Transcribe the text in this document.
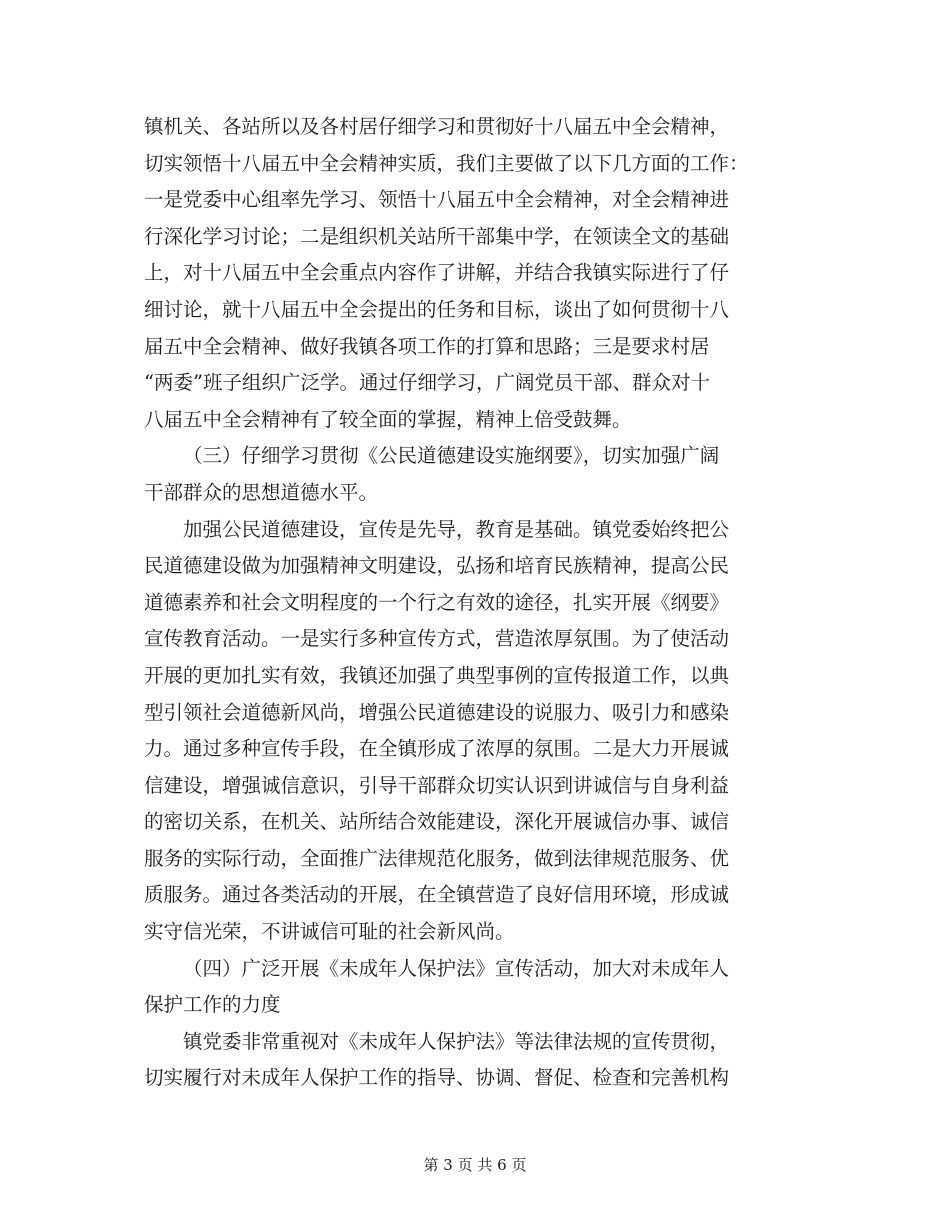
镇机关、各站所以及各村居仔细学习和贯彻好十八届五中全会精神，
切实领悟十八届五中全会精神实质，我们主要做了以下几方面的工作：
一是党委中心组率先学习、领悟十八届五中全会精神，对全会精神进
行深化学习讨论；二是组织机关站所干部集中学，在领读全文的基础
上，对十八届五中全会重点内容作了讲解，并结合我镇实际进行了仔
细讨论，就十八届五中全会提出的任务和目标，谈出了如何贯彻十八
届五中全会精神、做好我镇各项工作的打算和思路；三是要求村居
“两委”班子组织广泛学。通过仔细学习，广阔党员干部、群众对十
八届五中全会精神有了较全面的掌握，精神上倍受鼓舞。
（三）仔细学习贯彻《公民道德建设实施纲要》，切实加强广阔
干部群众的思想道德水平。
加强公民道德建设，宣传是先导，教育是基础。镇党委始终把公
民道德建设做为加强精神文明建设，弘扬和培育民族精神，提高公民
道德素养和社会文明程度的一个行之有效的途径，扎实开展《纲要》
宣传教育活动。一是实行多种宣传方式，营造浓厚氛围。为了使活动
开展的更加扎实有效，我镇还加强了典型事例的宣传报道工作，以典
型引领社会道德新风尚，增强公民道德建设的说服力、吸引力和感染
力。通过多种宣传手段，在全镇形成了浓厚的氛围。二是大力开展诚
信建设，增强诚信意识，引导干部群众切实认识到讲诚信与自身利益
的密切关系，在机关、站所结合效能建设，深化开展诚信办事、诚信
服务的实际行动，全面推广法律规范化服务，做到法律规范服务、优
质服务。通过各类活动的开展，在全镇营造了良好信用环境，形成诚
实守信光荣，不讲诚信可耻的社会新风尚。
（四）广泛开展《未成年人保护法》宣传活动，加大对未成年人
保护工作的力度
镇党委非常重视对《未成年人保护法》等法律法规的宣传贯彻，
切实履行对未成年人保护工作的指导、协调、督促、检查和完善机构
第 3 页 共 6 页
